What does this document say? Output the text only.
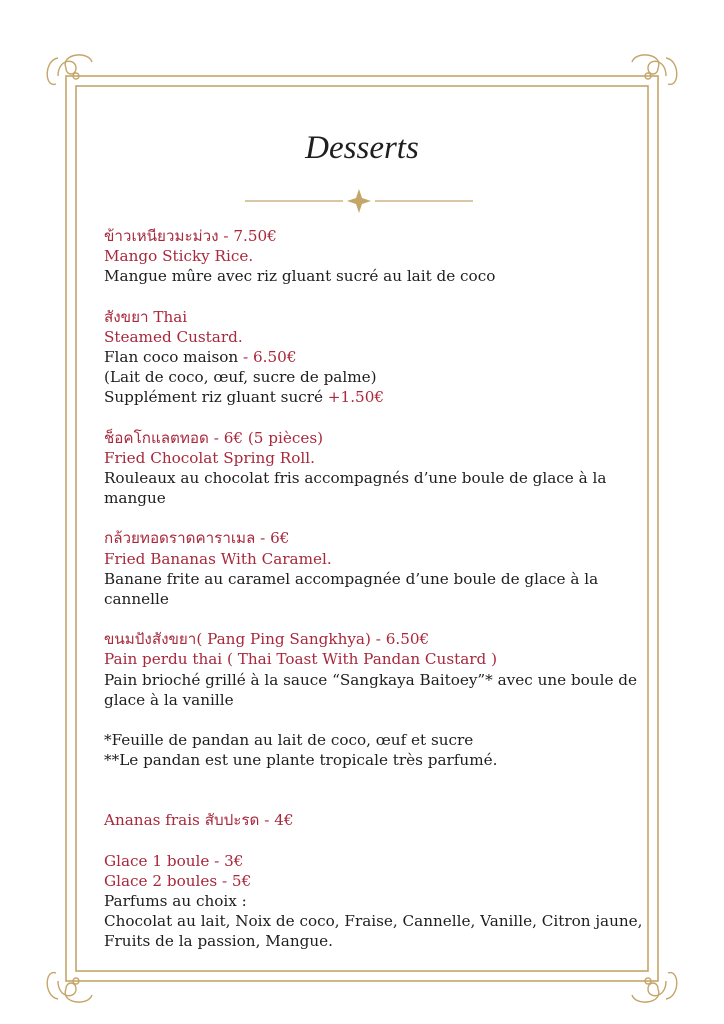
Desserts
ข้าวเหนียวมะม่วง - 7.50€
Mango Sticky Rice.
Mangue mûre avec riz gluant sucré au lait de coco
สังขยา Thai
Steamed Custard.
Flan coco maison - 6.50€
(Lait de coco, œuf, sucre de palme)
Supplément riz gluant sucré +1.50€
ช็อคโกแลตทอด - 6€ (5 pièces)
Fried Chocolat Spring Roll.
Rouleaux au chocolat fris accompagnés d’une boule de glace à la mangue
กล้วยทอดราดคาราเมล - 6€
Fried Bananas With Caramel.
Banane frite au caramel accompagnée d’une boule de glace à la cannelle
ขนมปังสังขยา( Pang Ping Sangkhya) - 6.50€
Pain perdu thai ( Thai Toast With Pandan Custard )
Pain brioché grillé à la sauce “Sangkaya Baitoey”* avec une boule de glace à la vanille
*Feuille de pandan au lait de coco, œuf et sucre
**Le pandan est une plante tropicale très parfumé.
Ananas frais สับปะรด - 4€
Glace 1 boule - 3€
Glace 2 boules - 5€
Parfums au choix :
Chocolat au lait, Noix de coco, Fraise, Cannelle, Vanille, Citron jaune, Fruits de la passion, Mangue.
